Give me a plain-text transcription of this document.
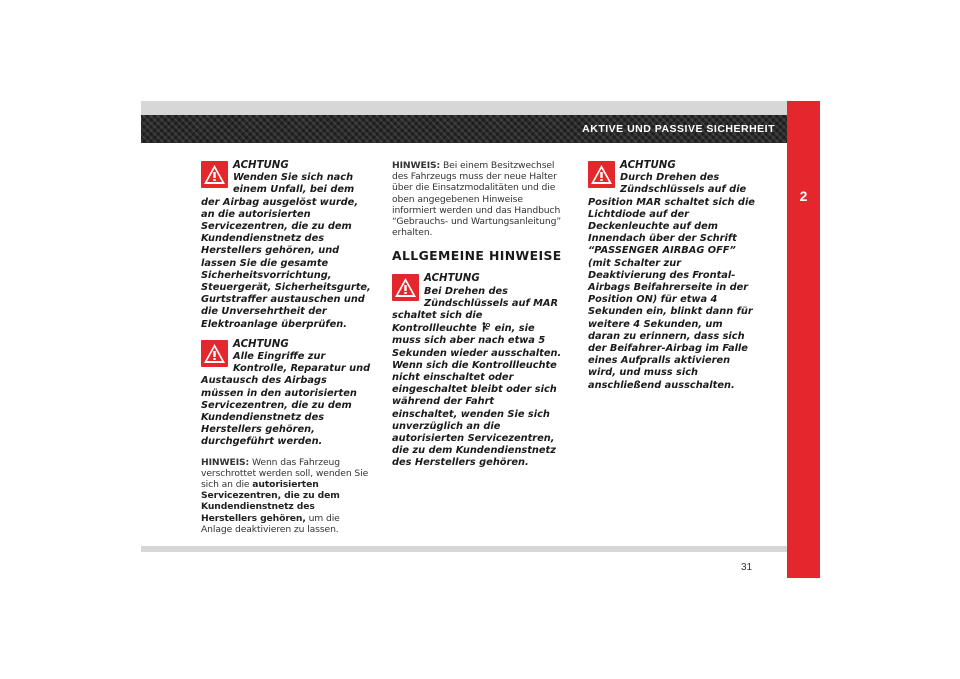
AKTIVE UND PASSIVE SICHERHEIT
2
ACHTUNG
Wenden Sie sich nach einem Unfall, bei dem der Airbag ausgelöst wurde, an die autorisierten Servicezentren, die zu dem Kundendienstnetz des Herstellers gehören, und lassen Sie die gesamte Sicherheitsvorrichtung, Steuergerät, Sicherheitsgurte, Gurtstraffer austauschen und die Unversehrtheit der Elektroanlage überprüfen.
ACHTUNG
Alle Eingriffe zur Kontrolle, Reparatur und Austausch des Airbags müssen in den autorisierten Servicezentren, die zu dem Kundendienstnetz des Herstellers gehören, durchgeführt werden.
HINWEIS: Wenn das Fahrzeug verschrottet werden soll, wenden Sie sich an die autorisierten Servicezentren, die zu dem Kundendienstnetz des Herstellers gehören, um die Anlage deaktivieren zu lassen.
HINWEIS: Bei einem Besitzwechsel des Fahrzeugs muss der neue Halter über die Einsatzmodalitäten und die oben angegebenen Hinweise informiert werden und das Handbuch “Gebrauchs- und Wartungsanleitung” erhalten.
ALLGEMEINE HINWEISE
ACHTUNG
Bei Drehen des Zündschlüssels auf MAR schaltet sich die Kontrollleuchte ein, sie muss sich aber nach etwa 5 Sekunden wieder ausschalten. Wenn sich die Kontrollleuchte nicht einschaltet oder eingeschaltet bleibt oder sich während der Fahrt einschaltet, wenden Sie sich unverzüglich an die autorisierten Servicezentren, die zu dem Kundendienstnetz des Herstellers gehören.
ACHTUNG
Durch Drehen des Zündschlüssels auf die Position MAR schaltet sich die Lichtdiode auf der Deckenleuchte auf dem Innendach über der Schrift “PASSENGER AIRBAG OFF” (mit Schalter zur Deaktivierung des Frontal-Airbags Beifahrerseite in der Position ON) für etwa 4 Sekunden ein, blinkt dann für weitere 4 Sekunden, um daran zu erinnern, dass sich der Beifahrer-Airbag im Falle eines Aufpralls aktivieren wird, und muss sich anschließend ausschalten.
31
